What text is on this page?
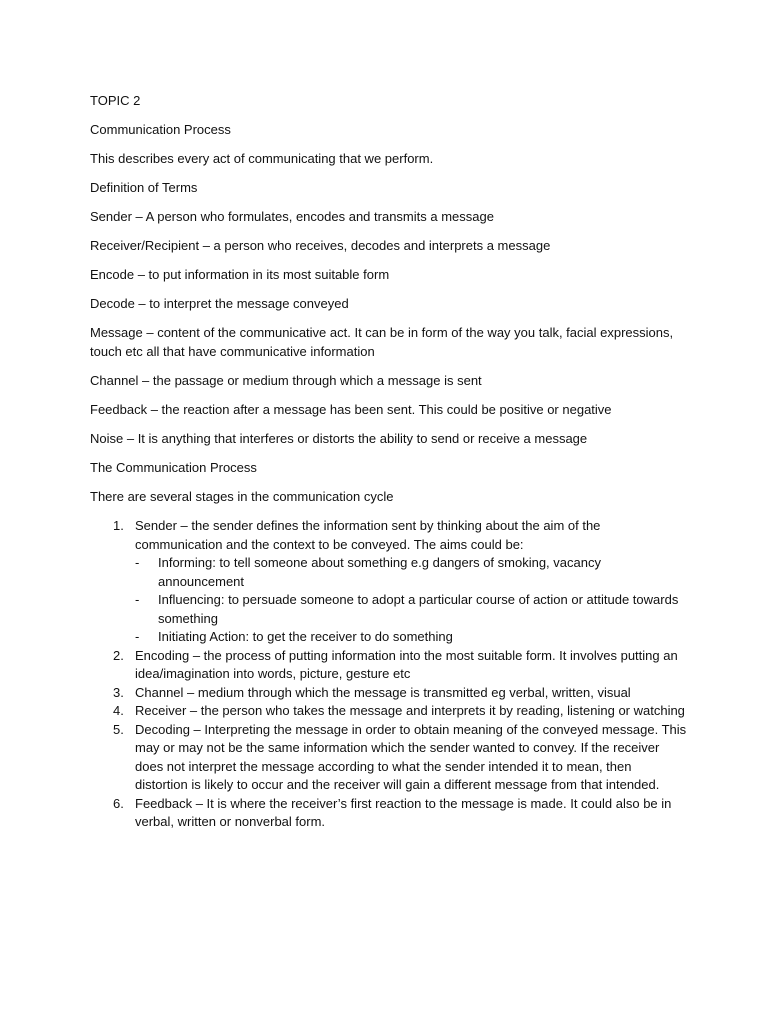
TOPIC 2
Communication Process
This describes every act of communicating that we perform.
Definition of Terms
Sender – A person who formulates, encodes and transmits a message
Receiver/Recipient – a person who receives, decodes and interprets a message
Encode – to put information in its most suitable form
Decode – to interpret the message conveyed
Message – content of the communicative act. It can be in form of the way you talk, facial expressions,
touch etc all that have communicative information
Channel – the passage or medium through which a message is sent
Feedback – the reaction after a message has been sent. This could be positive or negative
Noise – It is anything that interferes or distorts the ability to send or receive a message
The Communication Process
There are several stages in the communication cycle
1. Sender – the sender defines the information sent by thinking about the aim of the
communication and the context to be conveyed. The aims could be:
- Informing: to tell someone about something e.g dangers of smoking, vacancy
announcement
- Influencing: to persuade someone to adopt a particular course of action or attitude towards
something
- Initiating Action: to get the receiver to do something
2. Encoding – the process of putting information into the most suitable form. It involves putting an
idea/imagination into words, picture, gesture etc
3. Channel – medium through which the message is transmitted eg verbal, written, visual
4. Receiver – the person who takes the message and interprets it by reading, listening or watching
5. Decoding – Interpreting the message in order to obtain meaning of the conveyed message. This
may or may not be the same information which the sender wanted to convey. If the receiver
does not interpret the message according to what the sender intended it to mean, then
distortion is likely to occur and the receiver will gain a different message from that intended.
6. Feedback – It is where the receiver’s first reaction to the message is made. It could also be in
verbal, written or nonverbal form.
